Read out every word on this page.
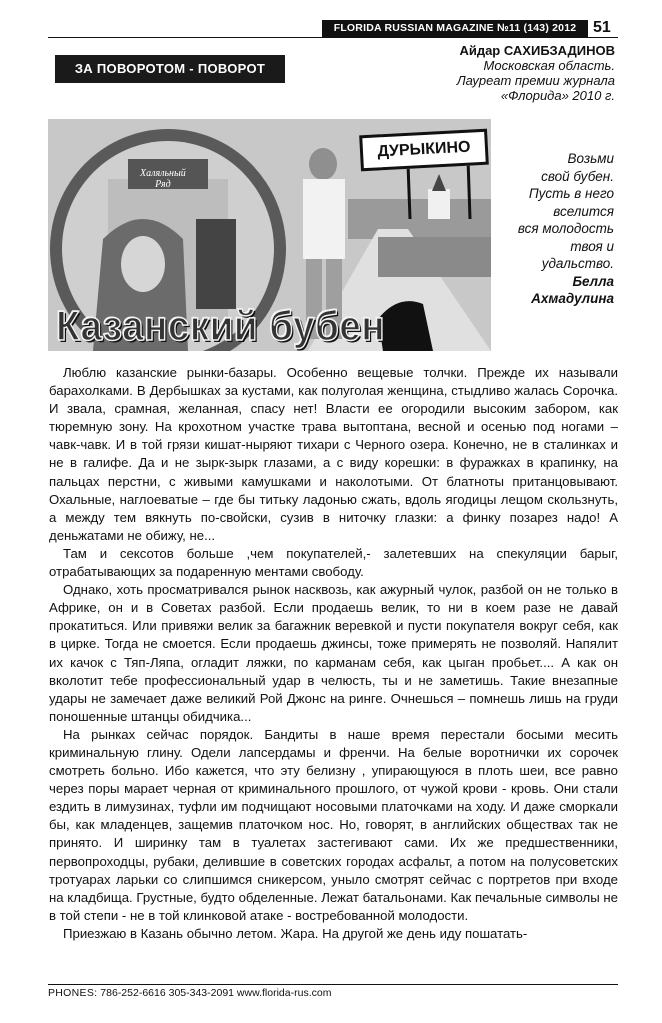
FLORIDA RUSSIAN MAGAZINE №11 (143) 2012	51
ЗА ПОВОРОТОМ - ПОВОРОТ
Айдар САХИБЗАДИНОВ
Московская область.
Лауреат премии журнала
«Флорида» 2010 г.
Халяльный
Ряд
ДУРЫКИНО
Казанский бубен
Возьми
свой бубен.
Пусть в него
вселится
вся молодость
твоя и
удальство.
Белла
Ахмадулина

Люблю казанские рынки-базары. Особенно вещевые толчки. Прежде их называли барахолками. В Дербышках за кустами, как полуголая женщина, стыдливо жалась Сорочка. И звала, срамная, желанная, спасу нет! Власти ее огородили высоким забором, как тюремную зону. На крохотном участке трава вытоптана, весной и осенью под ногами – чавк-чавк. И в той грязи кишат-ныряют тихари с Черного озера. Конечно, не в сталинках и не в галифе. Да и не зырк-зырк глазами, а с виду корешки: в фуражках в крапинку, на пальцах перстни, с живыми камушками и наколотыми. От блатноты пританцовывают. Охальные, наглоеватые – где бы титьку ладонью сжать, вдоль ягодицы лещом скользнуть, а между тем вякнуть по-свойски, сузив в ниточку глазки: а финку позарез надо! А деньжатами не обижу, не...

Там и сексотов больше ,чем покупателей,- залетевших на спекуляции барыг, отрабатывающих за подаренную ментами свободу.

Однако, хоть просматривался рынок насквозь, как ажурный чулок, разбой он не только в Африке, он и в Советах разбой. Если продаешь велик, то ни в коем разе не давай прокатиться. Или привяжи велик за багажник веревкой и пусти покупателя вокруг себя, как в цирке. Тогда не смоется. Если продаешь джинсы, тоже примерять не позволяй. Напялит их качок с Тяп-Ляпа, огладит ляжки, по карманам себя, как цыган пробьет.... А как он вколотит тебе профессиональный удар в челюсть, ты и не заметишь. Такие внезапные удары не замечает даже великий Рой Джонс на ринге. Очнешься – помнешь лишь на груди поношенные штанцы обидчика...

На рынках сейчас порядок. Бандиты в наше время перестали босыми месить криминальную глину. Одели лапсердамы и френчи. На белые воротнички их сорочек смотреть больно. Ибо кажется, что эту белизну , упирающуюся в плоть шеи, все равно через поры марает черная от криминального прошлого, от чужой крови - кровь. Они стали ездить в лимузинах, туфли им подчищают носовыми платочками на ходу. И даже сморкали бы, как младенцев, защемив платочком нос. Но, говорят, в английских обществах так не принято. И ширинку там в туалетах застегивают сами. Их же предшественники, первопроходцы, рубаки, делившие в советских городах асфальт, а потом на полусоветских тротуарах ларьки со слипшимся сникерсом, уныло смотрят сейчас с портретов при входе на кладбища. Грустные, будто обделенные. Лежат батальонами. Как печальные символы не в той степи - не в той клинковой атаке - востребованной молодости.

Приезжаю в Казань обычно летом. Жара. На другой же день иду пошатать-

PHONES: 786-252-6616 305-343-2091 www.florida-rus.com
